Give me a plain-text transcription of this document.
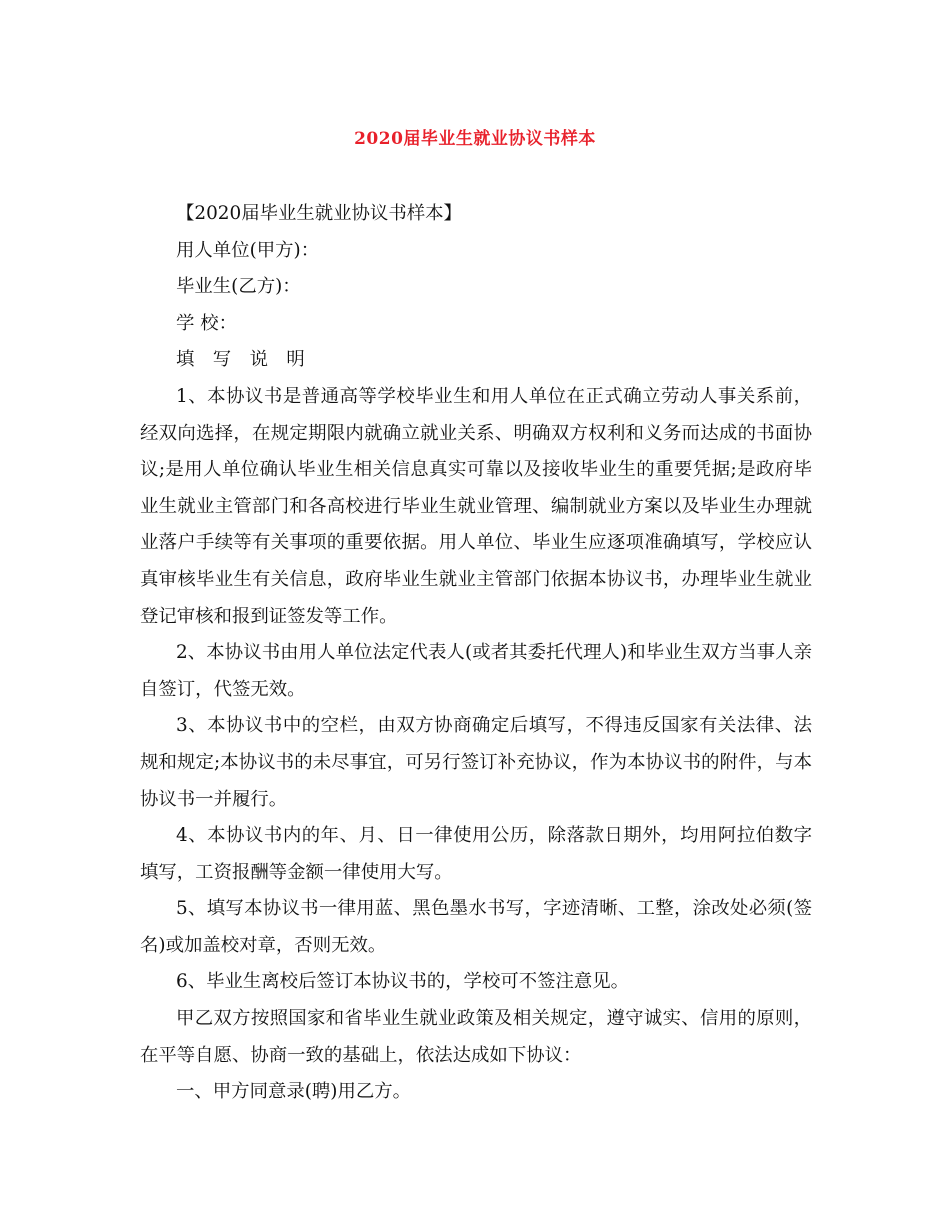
2020届毕业生就业协议书样本

【2020届毕业生就业协议书样本】

用人单位(甲方)：

毕业生(乙方)：

学 校：

填　写　说　明

1、本协议书是普通高等学校毕业生和用人单位在正式确立劳动人事关系前，经双向选择，在规定期限内就确立就业关系、明确双方权利和义务而达成的书面协议;是用人单位确认毕业生相关信息真实可靠以及接收毕业生的重要凭据;是政府毕业生就业主管部门和各高校进行毕业生就业管理、编制就业方案以及毕业生办理就业落户手续等有关事项的重要依据。用人单位、毕业生应逐项准确填写，学校应认真审核毕业生有关信息，政府毕业生就业主管部门依据本协议书，办理毕业生就业登记审核和报到证签发等工作。

2、本协议书由用人单位法定代表人(或者其委托代理人)和毕业生双方当事人亲自签订，代签无效。

3、本协议书中的空栏，由双方协商确定后填写，不得违反国家有关法律、法规和规定;本协议书的未尽事宜，可另行签订补充协议，作为本协议书的附件，与本协议书一并履行。

4、本协议书内的年、月、日一律使用公历，除落款日期外，均用阿拉伯数字填写，工资报酬等金额一律使用大写。

5、填写本协议书一律用蓝、黑色墨水书写，字迹清晰、工整，涂改处必须(签名)或加盖校对章，否则无效。

6、毕业生离校后签订本协议书的，学校可不签注意见。

甲乙双方按照国家和省毕业生就业政策及相关规定，遵守诚实、信用的原则，在平等自愿、协商一致的基础上，依法达成如下协议：

一、甲方同意录(聘)用乙方。
